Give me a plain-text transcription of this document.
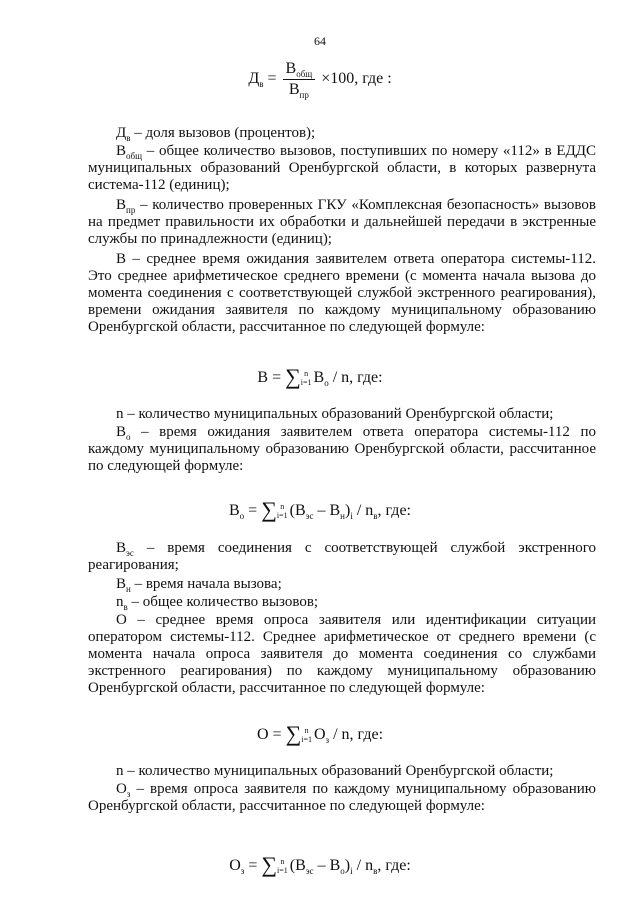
64
$Д_в = \frac{В_{общ}}{В_{пр}} \times 100$, где :

$Д_в$ – доля вызовов (процентов);

$В_{общ}$ – общее количество вызовов, поступивших по номеру «112» в ЕДДС муниципальных образований Оренбургской области, в которых развернута система-112 (единиц);

$В_{пр}$ – количество проверенных ГКУ «Комплексная безопасность» вызовов на предмет правильности их обработки и дальнейшей передачи в экстренные службы по принадлежности (единиц);

В – среднее время ожидания заявителем ответа оператора системы-112. Это среднее арифметическое среднего времени (с момента начала вызова до момента соединения с соответствующей службой экстренного реагирования), времени ожидания заявителя по каждому муниципальному образованию Оренбургской области, рассчитанное по следующей формуле:

В = ∑ n
i=1 $В_о$ / n, где:

n – количество муниципальных образований Оренбургской области;

$В_о$ – время ожидания заявителем ответа оператора системы-112 по каждому муниципальному образованию Оренбургской области, рассчитанное по следующей формуле:

$В_о$ = ∑ n
i=1 $(В_{эс} - В_н)_i / n_в$, где:

$В_{эс}$ – время соединения с соответствующей службой экстренного реагирования;

$В_н$ – время начала вызова;

$n_в$ – общее количество вызовов;

О – среднее время опроса заявителя или идентификации ситуации оператором системы-112. Среднее арифметическое от среднего времени (с момента начала опроса заявителя до момента соединения со службами экстренного реагирования) по каждому муниципальному образованию Оренбургской области, рассчитанное по следующей формуле:

О = ∑ n
i=1 $О_з$ / n, где:

n – количество муниципальных образований Оренбургской области;

$О_з$ – время опроса заявителя по каждому муниципальному образованию Оренбургской области, рассчитанное по следующей формуле:

$О_з$ = ∑ n
i=1 $(В_{эс} - В_о)_i / n_в$, где:
